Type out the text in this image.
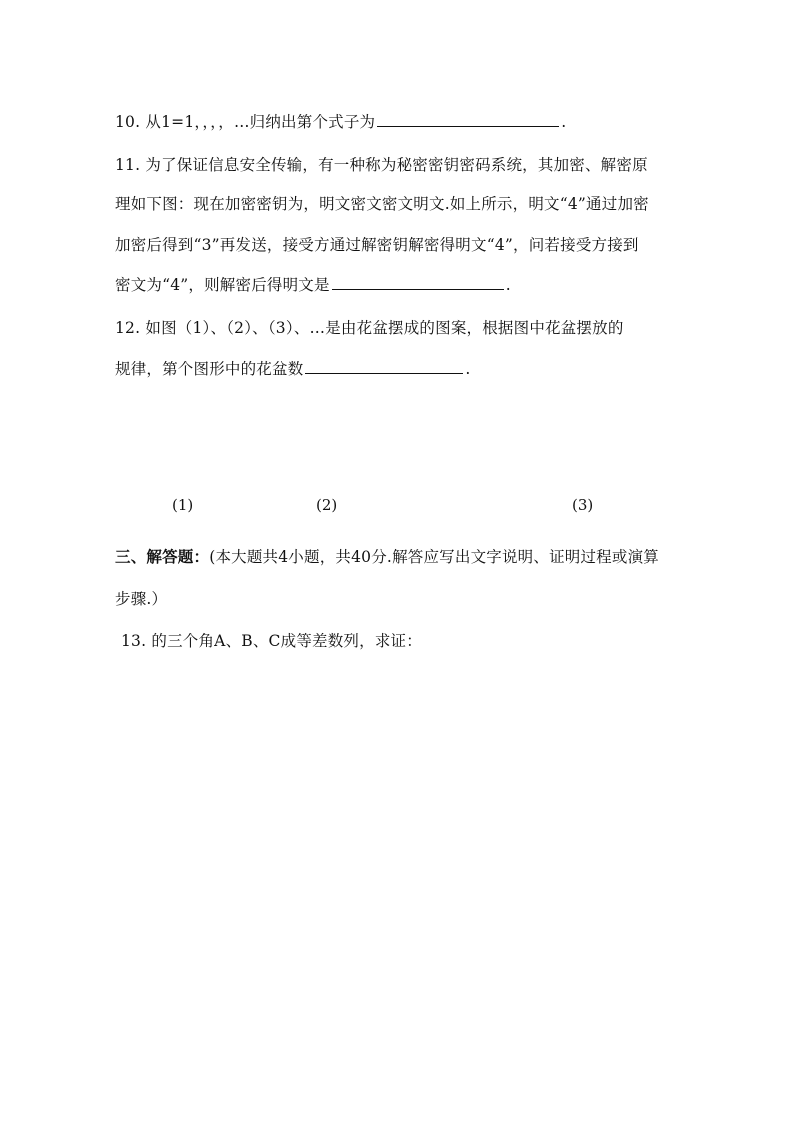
10. 从1=1，，，，…归纳出第个式子为	.
11. 为了保证信息安全传输，有一种称为秘密密钥密码系统，其加密、解密原
理如下图：现在加密密钥为，明文密文密文明文.如上所示，明文“4”通过加密
加密后得到“3”再发送，接受方通过解密钥解密得明文“4”，问若接受方接到
密文为“4”，则解密后得明文是	.
12. 如图（1）、（2）、（3）、…是由花盆摆成的图案，根据图中花盆摆放的
规律，第个图形中的花盆数	.
(1)	(2)	(3)
三、解答题：(本大题共4小题，共40分.解答应写出文字说明、证明过程或演算
步骤.）
13. 的三个角A、B、C成等差数列，求证：
